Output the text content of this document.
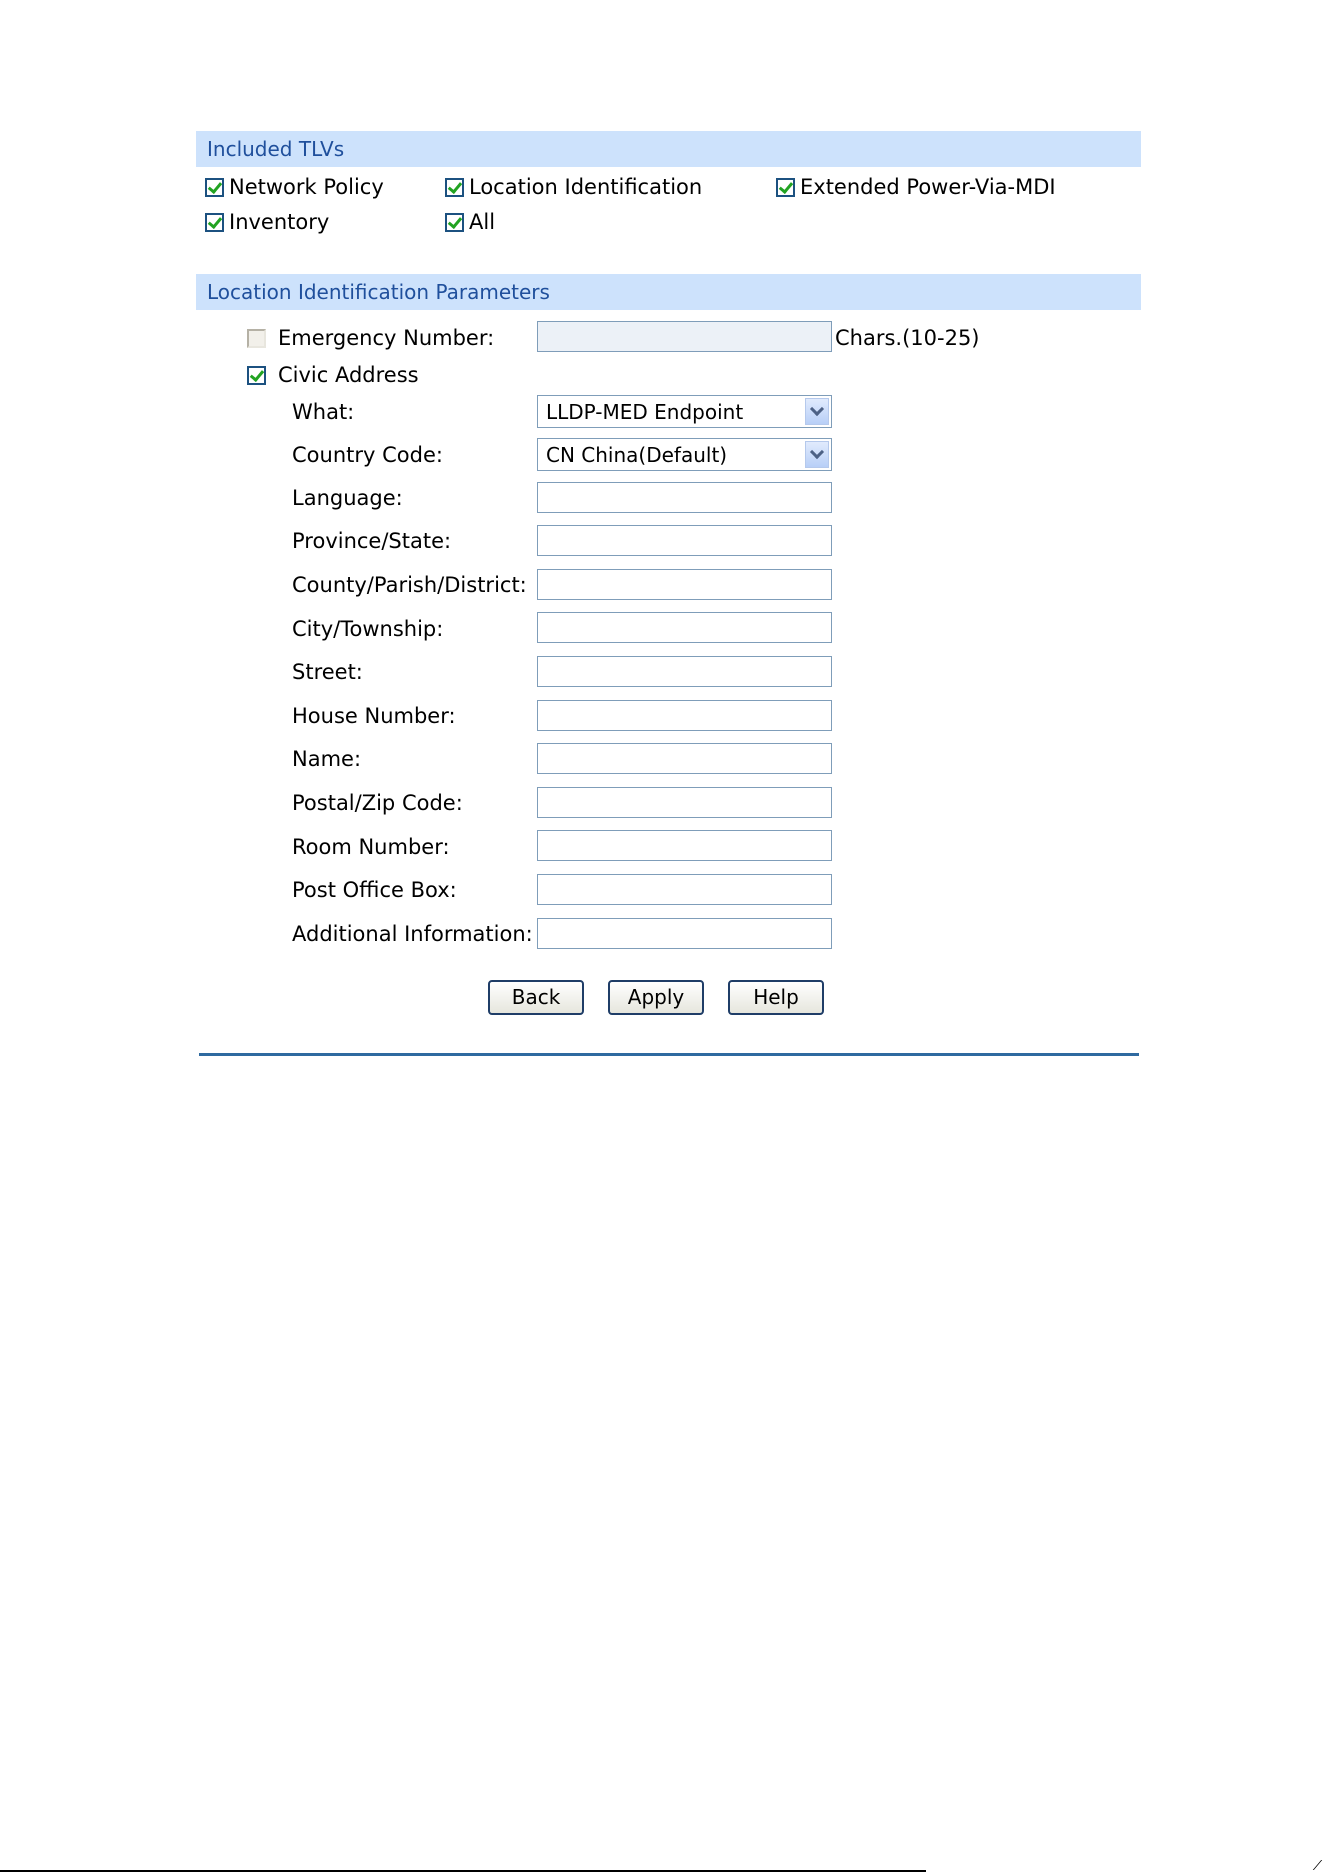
Included TLVs
Network Policy	Location Identification	Extended Power-Via-MDI
Inventory	All
Location Identification Parameters
Emergency Number:	Chars.(10-25)
Civic Address
What:	LLDP-MED Endpoint
Country Code:	CN China(Default)
Language:
Province/State:
County/Parish/District:
City/Township:
Street:
House Number:
Name:
Postal/Zip Code:
Room Number:
Post Office Box:
Additional Information:
Back	Apply	Help
